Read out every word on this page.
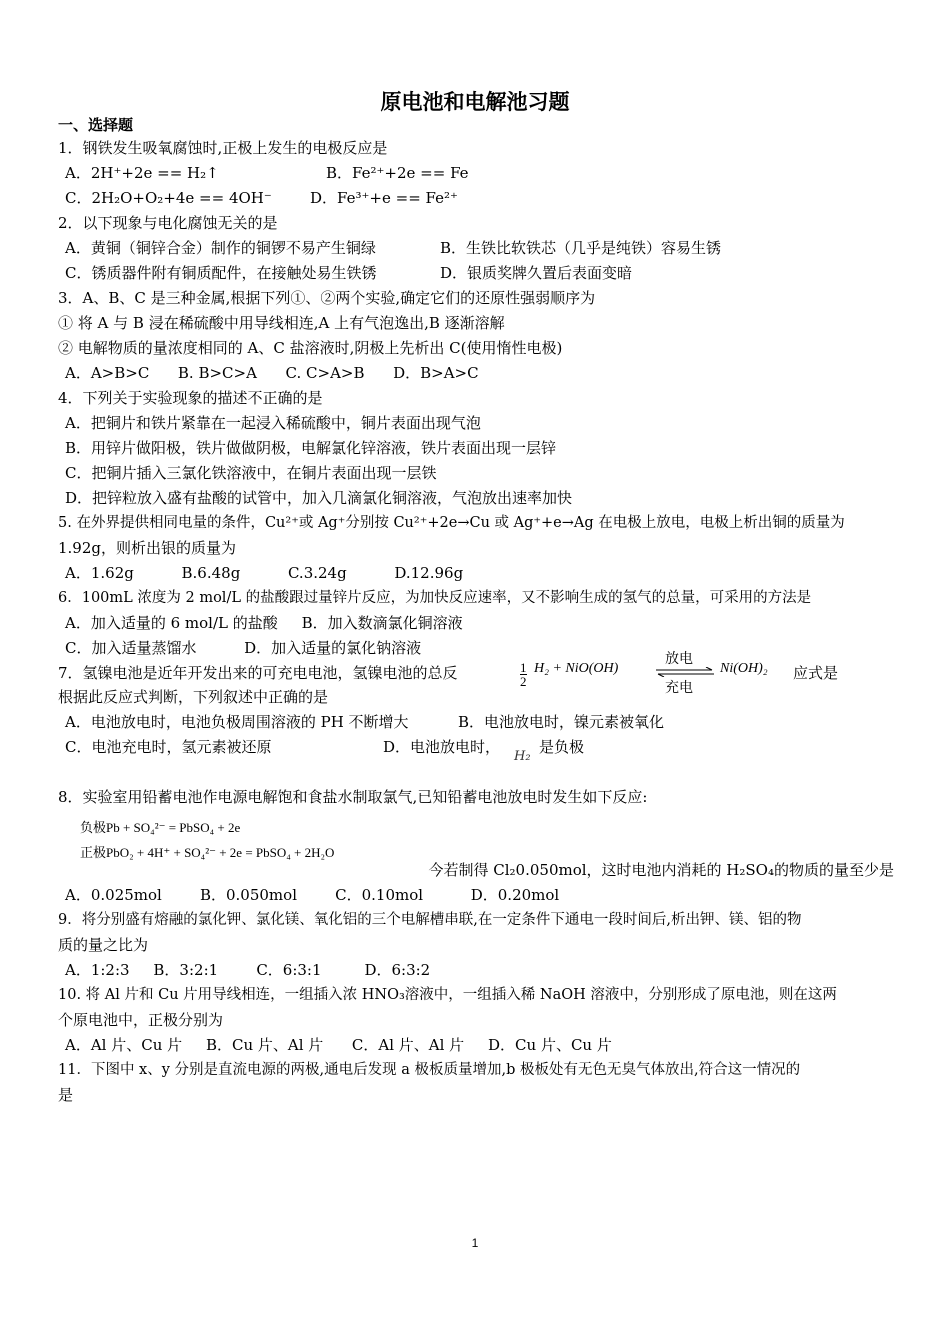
原电池和电解池习题
一、选择题
1．钢铁发生吸氧腐蚀时,正极上发生的电极反应是
A．2H⁺+2e == H₂↑	B．Fe²⁺+2e == Fe
C．2H₂O+O₂+4e == 4OH⁻	D．Fe³⁺+e == Fe²⁺
2．以下现象与电化腐蚀无关的是
A．黄铜（铜锌合金）制作的铜锣不易产生铜绿	B．生铁比软铁芯（几乎是纯铁）容易生锈
C．锈质器件附有铜质配件，在接触处易生铁锈	D．银质奖牌久置后表面变暗
3．A、B、C 是三种金属,根据下列①、②两个实验,确定它们的还原性强弱顺序为
① 将 A 与 B 浸在稀硫酸中用导线相连,A 上有气泡逸出,B 逐渐溶解
② 电解物质的量浓度相同的 A、C 盐溶液时,阴极上先析出 C(使用惰性电极)
A．A>B>C      B. B>C>A      C. C>A>B      D．B>A>C
4．下列关于实验现象的描述不正确的是
A．把铜片和铁片紧靠在一起浸入稀硫酸中，铜片表面出现气泡
B．用锌片做阳极，铁片做做阴极，电解氯化锌溶液，铁片表面出现一层锌
C．把铜片插入三氯化铁溶液中，在铜片表面出现一层铁
D．把锌粒放入盛有盐酸的试管中，加入几滴氯化铜溶液，气泡放出速率加快
5. 在外界提供相同电量的条件，Cu²⁺或 Ag⁺分别按 Cu²⁺+2e→Cu 或 Ag⁺+e→Ag 在电极上放电，电极上析出铜的质量为
1.92g，则析出银的质量为
A．1.62g          B.6.48g          C.3.24g          D.12.96g
6．100mL 浓度为 2 mol/L 的盐酸跟过量锌片反应，为加快反应速率，又不影响生成的氢气的总量，可采用的方法是
A．加入适量的 6 mol/L 的盐酸     B．加入数滴氯化铜溶液
C．加入适量蒸馏水          D．加入适量的氯化钠溶液
7．氢镍电池是近年开发出来的可充电电池，氢镍电池的总反	$\frac{1}{2} H_2 + NiO(OH)$
放电
充电
Ni(OH)₂ 应式是
根据此反应式判断，下列叙述中正确的是
A．电池放电时，电池负极周围溶液的 PH 不断增大	B．电池放电时，镍元素被氧化
C．电池充电时，氢元素被还原	D．电池放电时，
H₂
是负极
8．实验室用铅蓄电池作电源电解饱和食盐水制取氯气,已知铅蓄电池放电时发生如下反应:
负极Pb + SO₄²⁻ = PbSO₄ + 2e
正极PbO₂ + 4H⁺ + SO₄²⁻ + 2e = PbSO₄ + 2H₂O
今若制得 Cl₂0.050mol，这时电池内消耗的 H₂SO₄的物质的量至少是
A．0.025mol        B．0.050mol        C．0.10mol          D．0.20mol
9．将分别盛有熔融的氯化钾、氯化镁、氧化铝的三个电解槽串联,在一定条件下通电一段时间后,析出钾、镁、铝的物
质的量之比为
A．1:2:3     B．3:2:1        C．6:3:1         D．6:3:2
10. 将 Al 片和 Cu 片用导线相连，一组插入浓 HNO₃溶液中，一组插入稀 NaOH 溶液中，分别形成了原电池，则在这两
个原电池中，正极分别为
A．Al 片、Cu 片     B．Cu 片、Al 片      C．Al 片、Al 片     D．Cu 片、Cu 片
11．下图中 x、y 分别是直流电源的两极,通电后发现 a 极板质量增加,b 极板处有无色无臭气体放出,符合这一情况的
是
1
